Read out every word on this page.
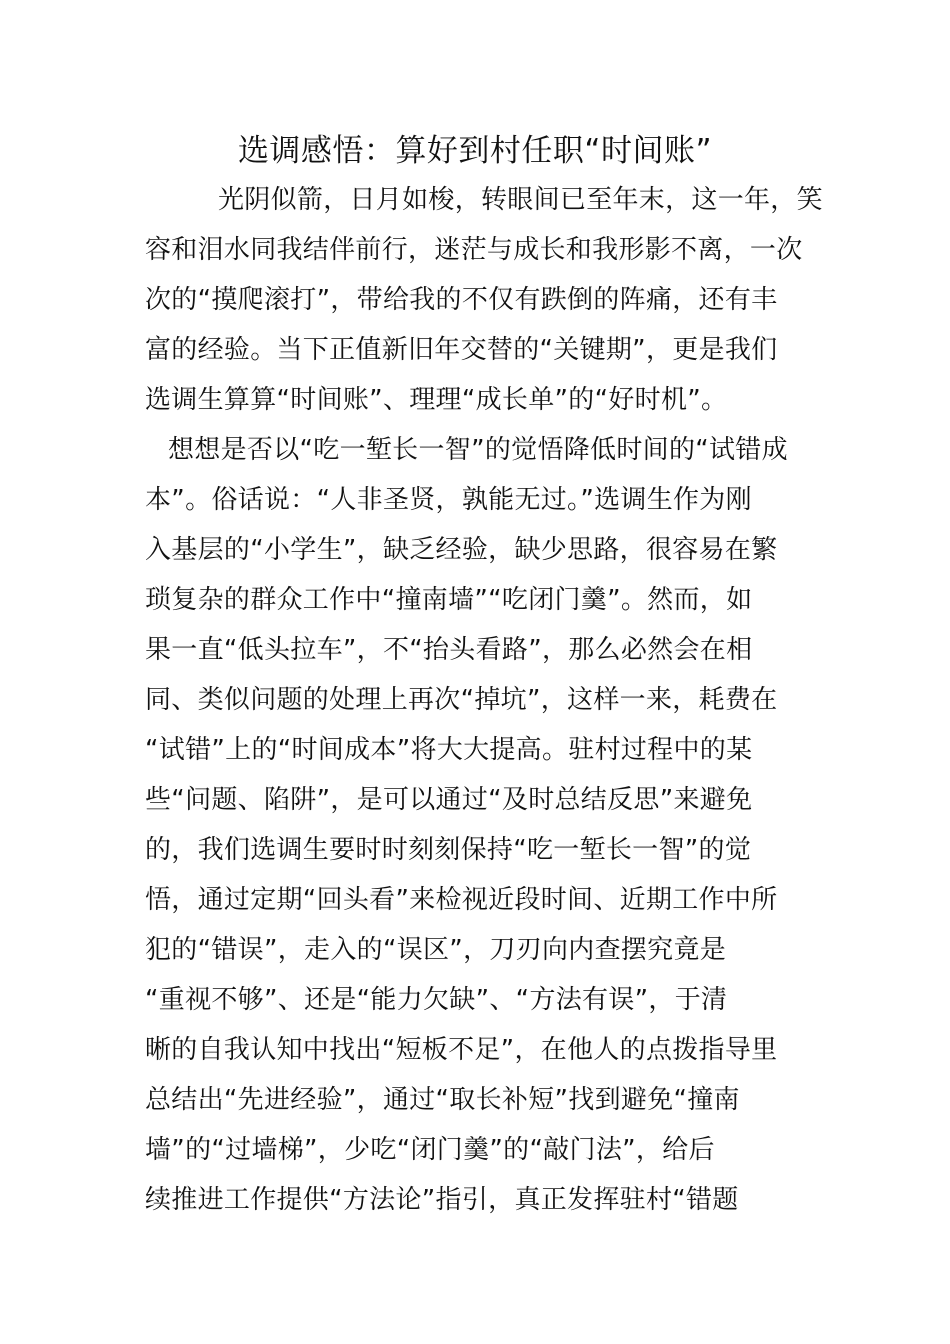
选调感悟：算好到村任职“时间账”
光阴似箭，日月如梭，转眼间已至年末，这一年，笑
容和泪水同我结伴前行，迷茫与成长和我形影不离，一次
次的“摸爬滚打”，带给我的不仅有跌倒的阵痛，还有丰
富的经验。当下正值新旧年交替的“关键期”，更是我们
选调生算算“时间账”、理理“成长单”的“好时机”。
想想是否以“吃一堑长一智”的觉悟降低时间的“试错成
本”。俗话说：“人非圣贤，孰能无过。”选调生作为刚
入基层的“小学生”，缺乏经验，缺少思路，很容易在繁
琐复杂的群众工作中“撞南墙”“吃闭门羹”。然而，如
果一直“低头拉车”，不“抬头看路”，那么必然会在相
同、类似问题的处理上再次“掉坑”，这样一来，耗费在
“试错”上的“时间成本”将大大提高。驻村过程中的某
些“问题、陷阱”，是可以通过“及时总结反思”来避免
的，我们选调生要时时刻刻保持“吃一堑长一智”的觉
悟，通过定期“回头看”来检视近段时间、近期工作中所
犯的“错误”，走入的“误区”，刀刃向内查摆究竟是
“重视不够”、还是“能力欠缺”、“方法有误”，于清
晰的自我认知中找出“短板不足”，在他人的点拨指导里
总结出“先进经验”，通过“取长补短”找到避免“撞南
墙”的“过墙梯”，少吃“闭门羹”的“敲门法”，给后
续推进工作提供“方法论”指引，真正发挥驻村“错题
